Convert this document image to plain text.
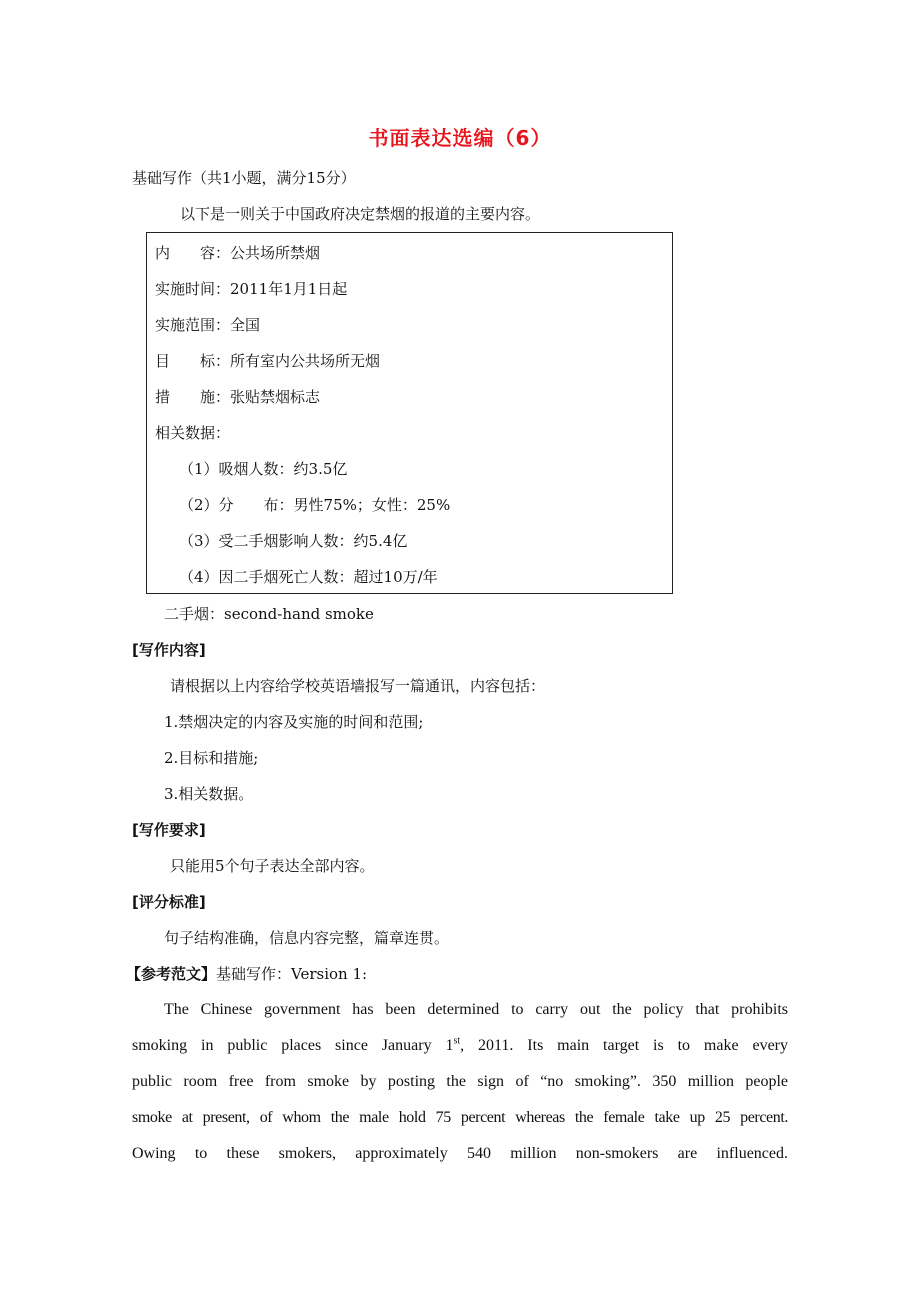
书面表达选编（6）
基础写作（共1小题，满分15分）
以下是一则关于中国政府决定禁烟的报道的主要内容。
内　　容：公共场所禁烟
实施时间：2011年1月1日起
实施范围：全国
目　　标：所有室内公共场所无烟
措　　施：张贴禁烟标志
相关数据：
（1）吸烟人数：约3.5亿
（2）分　　布：男性75%；女性：25%
（3）受二手烟影响人数：约5.4亿
（4）因二手烟死亡人数：超过10万/年
二手烟：second-hand smoke
[写作内容]
请根据以上内容给学校英语墙报写一篇通讯，内容包括：
1.禁烟决定的内容及实施的时间和范围;
2.目标和措施;
3.相关数据。
[写作要求]
只能用5个句子表达全部内容。
[评分标准]
句子结构准确，信息内容完整，篇章连贯。
【参考范文】基础写作：Version 1:
The Chinese government has been determined to carry out the policy that prohibits
smoking in public places since January 1st, 2011. Its main target is to make every
public room free from smoke by posting the sign of “no smoking”. 350 million people
smoke at present, of whom the male hold 75 percent whereas the female take up 25 percent.
Owing to these smokers, approximately 540 million non-smokers are influenced.
